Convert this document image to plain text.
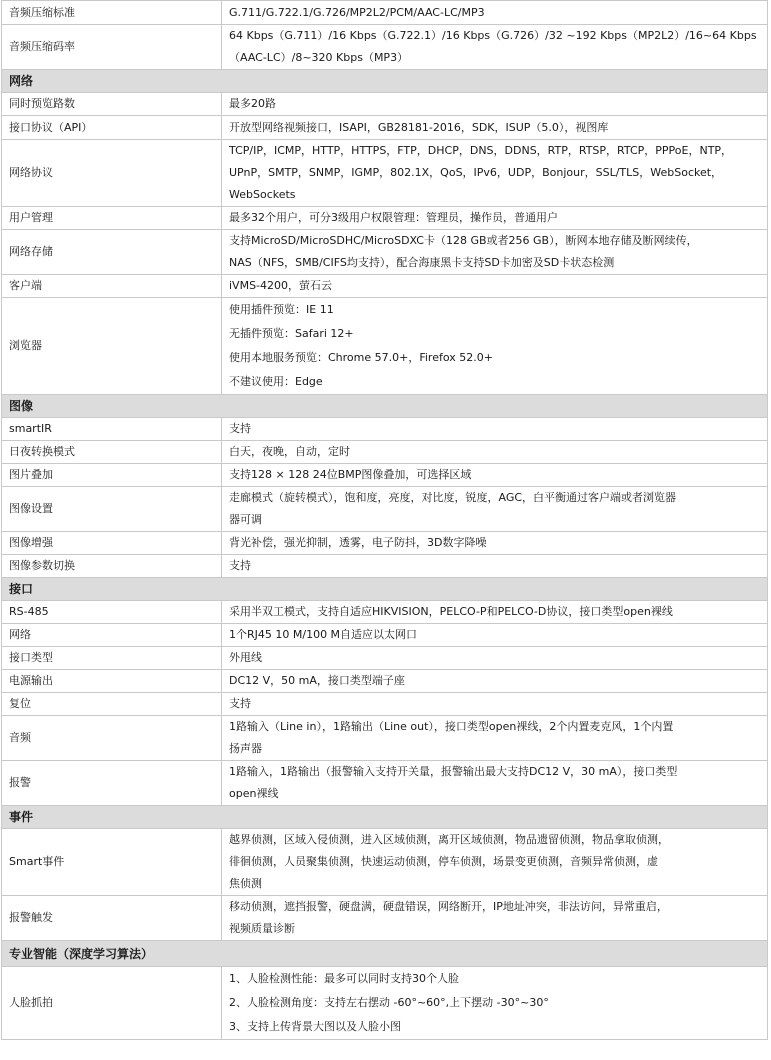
音频压缩标准	G.711/G.722.1/G.726/MP2L2/PCM/AAC-LC/MP3

音频压缩码率	64 Kbps（G.711）/16 Kbps（G.722.1）/16 Kbps（G.726）/32 ~192 Kbps（MP2L2）/16~64 Kbps
（AAC-LC）/8~320 Kbps（MP3）

网络	
同时预览路数	最多20路

接口协议（API）	开放型网络视频接口，ISAPI，GB28181-2016，SDK，ISUP（5.0），视图库

网络协议	TCP/IP，ICMP，HTTP，HTTPS，FTP，DHCP，DNS，DDNS，RTP，RTSP，RTCP，PPPoE，NTP，
UPnP，SMTP，SNMP，IGMP，802.1X，QoS，IPv6，UDP，Bonjour，SSL/TLS，WebSocket，
WebSockets

用户管理	最多32个用户，可分3级用户权限管理：管理员，操作员，普通用户

网络存储	支持MicroSD/MicroSDHC/MicroSDXC卡（128 GB或者256 GB），断网本地存储及断网续传，
NAS（NFS，SMB/CIFS均支持），配合海康黑卡支持SD卡加密及SD卡状态检测

客户端	iVMS-4200，萤石云

浏览器	使用插件预览：IE 11
无插件预览：Safari 12+
使用本地服务预览：Chrome 57.0+，Firefox 52.0+
不建议使用：Edge

图像	
smartIR	支持

日夜转换模式	白天，夜晚，自动，定时

图片叠加	支持128 × 128 24位BMP图像叠加，可选择区域

图像设置	走廊模式（旋转模式），饱和度，亮度，对比度，锐度，AGC，白平衡通过客户端或者浏览器
器可调

图像增强	背光补偿，强光抑制，透雾，电子防抖，3D数字降噪

图像参数切换	支持

接口	
RS-485	采用半双工模式，支持自适应HIKVISION，PELCO-P和PELCO-D协议，接口类型open裸线

网络	1个RJ45 10 M/100 M自适应以太网口

接口类型	外甩线

电源输出	DC12 V，50 mA，接口类型端子座

复位	支持

音频	1路输入（Line in），1路输出（Line out），接口类型open裸线，2个内置麦克风，1个内置
扬声器

报警	1路输入，1路输出（报警输入支持开关量，报警输出最大支持DC12 V，30 mA），接口类型
open裸线

事件	
Smart事件	越界侦测，区域入侵侦测，进入区域侦测，离开区域侦测，物品遗留侦测，物品拿取侦测，
徘徊侦测，人员聚集侦测，快速运动侦测，停车侦测，场景变更侦测，音频异常侦测，虚
焦侦测

报警触发	移动侦测，遮挡报警，硬盘满，硬盘错误，网络断开，IP地址冲突，非法访问，异常重启，
视频质量诊断

专业智能（深度学习算法）	
人脸抓拍	1、人脸检测性能：最多可以同时支持30个人脸
2、人脸检测角度：支持左右摆动 -60°~60°,上下摆动 -30°~30°
3、支持上传背景大图以及人脸小图
